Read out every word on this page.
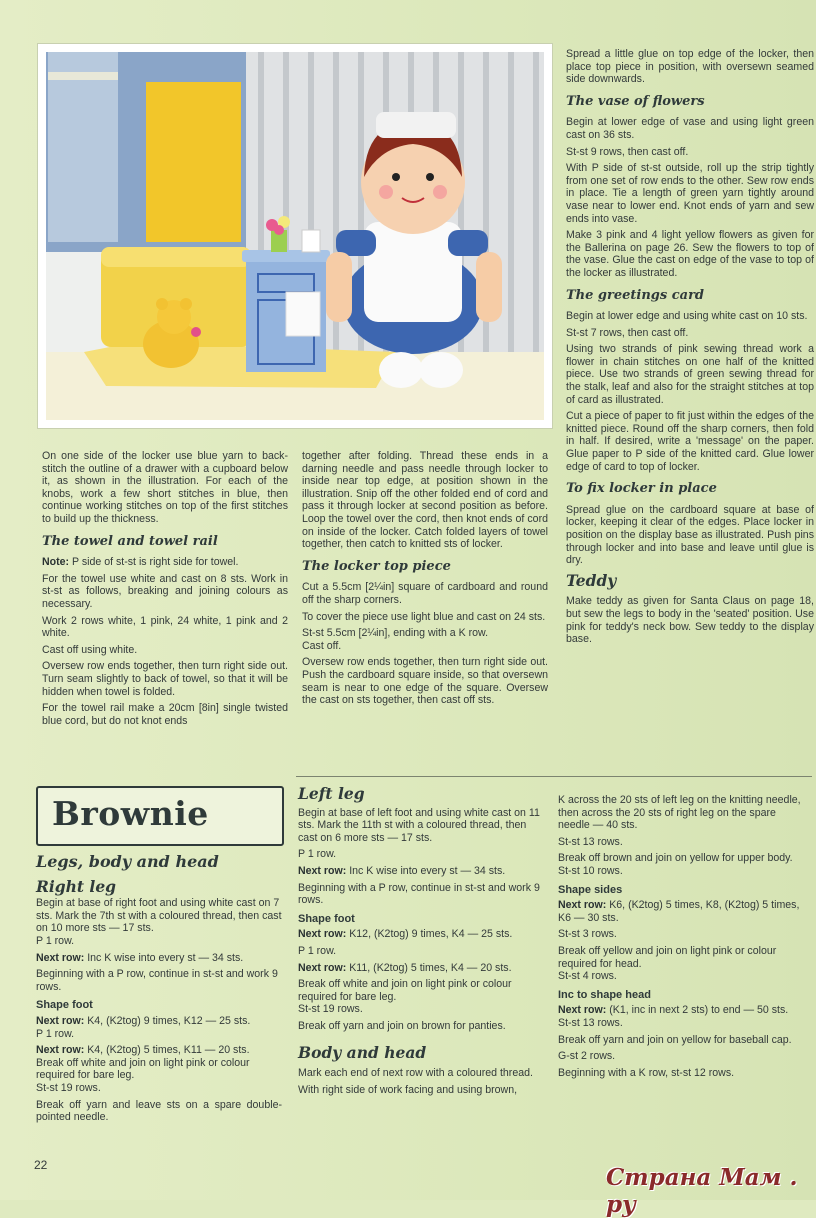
Spread a little glue on top edge of the locker, then place top piece in position, with oversewn seamed side downwards.

The vase of flowers

Begin at lower edge of vase and using light green cast on 36 sts.

St-st 9 rows, then cast off.

With P side of st-st outside, roll up the strip tightly from one set of row ends to the other. Sew row ends in place. Tie a length of green yarn tightly around vase near to lower end. Knot ends of yarn and sew ends into vase.

Make 3 pink and 4 light yellow flowers as given for the Ballerina on page 26. Sew the flowers to top of the vase. Glue the cast on edge of the vase to top of the locker as illustrated.

The greetings card

Begin at lower edge and using white cast on 10 sts.

St-st 7 rows, then cast off.

Using two strands of pink sewing thread work a flower in chain stitches on one half of the knitted piece. Use two strands of green sewing thread for the stalk, leaf and also for the straight stitches at top of card as illustrated.

Cut a piece of paper to fit just within the edges of the knitted piece. Round off the sharp corners, then fold in half. If desired, write a 'message' on the paper. Glue paper to P side of the knitted card. Glue lower edge of card to top of locker.

To fix locker in place

Spread glue on the cardboard square at base of locker, keeping it clear of the edges. Place locker in position on the display base as illustrated. Push pins through locker and into base and leave until glue is dry.

Teddy

Make teddy as given for Santa Claus on page 18, but sew the legs to body in the 'seated' position. Use pink for teddy's neck bow. Sew teddy to the display base.

On one side of the locker use blue yarn to back-stitch the outline of a drawer with a cupboard below it, as shown in the illustration. For each of the knobs, work a few short stitches in blue, then continue working stitches on top of the first stitches to build up the thickness.

The towel and towel rail

Note: P side of st-st is right side for towel.

For the towel use white and cast on 8 sts. Work in st-st as follows, breaking and joining colours as necessary.

Work 2 rows white, 1 pink, 24 white, 1 pink and 2 white.

Cast off using white.

Oversew row ends together, then turn right side out. Turn seam slightly to back of towel, so that it will be hidden when towel is folded.

For the towel rail make a 20cm [8in] single twisted blue cord, but do not knot ends

together after folding. Thread these ends in a darning needle and pass needle through locker to inside near top edge, at position shown in the illustration. Snip off the other folded end of cord and pass it through locker at second position as before. Loop the towel over the cord, then knot ends of cord on inside of the locker. Catch folded layers of towel together, then catch to knitted sts of locker.

The locker top piece

Cut a 5.5cm [2¼in] square of cardboard and round off the sharp corners.

To cover the piece use light blue and cast on 24 sts.

St-st 5.5cm [2¼in], ending with a K row.

Cast off.

Oversew row ends together, then turn right side out. Push the cardboard square inside, so that oversewn seam is near to one edge of the square. Oversew the cast on sts together, then cast off sts.

Brownie
Legs, body and head
Right leg

Begin at base of right foot and using white cast on 7 sts. Mark the 7th st with a coloured thread, then cast on 10 more sts — 17 sts.

P 1 row.

Next row: Inc K wise into every st — 34 sts.

Beginning with a P row, continue in st-st and work 9 rows.

Shape foot

Next row: K4, (K2tog) 9 times, K12 — 25 sts.

P 1 row.

Next row: K4, (K2tog) 5 times, K11 — 20 sts.

Break off white and join on light pink or colour required for bare leg.

St-st 19 rows.

Break off yarn and leave sts on a spare double-pointed needle.

Left leg

Begin at base of left foot and using white cast on 11 sts. Mark the 11th st with a coloured thread, then cast on 6 more sts — 17 sts.

P 1 row.

Next row: Inc K wise into every st — 34 sts.

Beginning with a P row, continue in st-st and work 9 rows.

Shape foot

Next row: K12, (K2tog) 9 times, K4 — 25 sts.

P 1 row.

Next row: K11, (K2tog) 5 times, K4 — 20 sts.

Break off white and join on light pink or colour required for bare leg.

St-st 19 rows.

Break off yarn and join on brown for panties.

Body and head

Mark each end of next row with a coloured thread.

With right side of work facing and using brown,

K across the 20 sts of left leg on the knitting needle, then across the 20 sts of right leg on the spare needle — 40 sts.

St-st 13 rows.

Break off brown and join on yellow for upper body.

St-st 10 rows.

Shape sides

Next row: K6, (K2tog) 5 times, K8, (K2tog) 5 times, K6 — 30 sts.

St-st 3 rows.

Break off yellow and join on light pink or colour required for head.

St-st 4 rows.

Inc to shape head

Next row: (K1, inc in next 2 sts) to end — 50 sts.

St-st 13 rows.

Break off yarn and join on yellow for baseball cap.

G-st 2 rows.

Beginning with a K row, st-st 12 rows.

22	Страна Мам . ру
